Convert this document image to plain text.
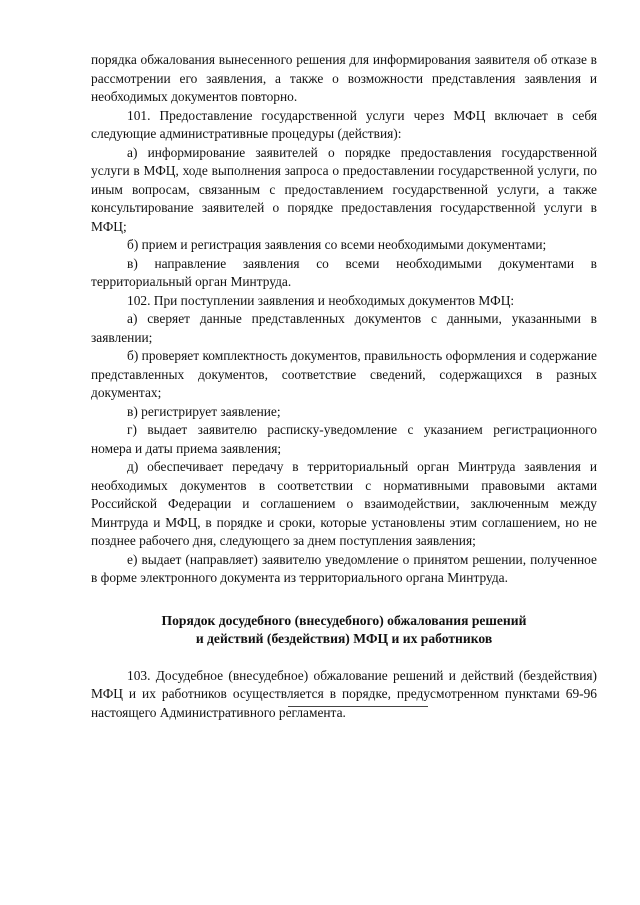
порядка обжалования вынесенного решения для информирования заявителя об отказе в рассмотрении его заявления, а также о возможности представления заявления и необходимых документов повторно.

101. Предоставление государственной услуги через МФЦ включает в себя следующие административные процедуры (действия):

а) информирование заявителей о порядке предоставления государственной услуги в МФЦ, ходе выполнения запроса о предоставлении государственной услуги, по иным вопросам, связанным с предоставлением государственной услуги, а также консультирование заявителей о порядке предоставления государственной услуги в МФЦ;

б) прием и регистрация заявления со всеми необходимыми документами;

в) направление заявления со всеми необходимыми документами в территориальный орган Минтруда.

102. При поступлении заявления и необходимых документов МФЦ:

а) сверяет данные представленных документов с данными, указанными в заявлении;

б) проверяет комплектность документов, правильность оформления и содержание представленных документов, соответствие сведений, содержащихся в разных документах;

в) регистрирует заявление;

г) выдает заявителю расписку-уведомление с указанием регистрационного номера и даты приема заявления;

д) обеспечивает передачу в территориальный орган Минтруда заявления и необходимых документов в соответствии с нормативными правовыми актами Российской Федерации и соглашением о взаимодействии, заключенным между Минтруда и МФЦ, в порядке и сроки, которые установлены этим соглашением, но не позднее рабочего дня, следующего за днем поступления заявления;

е) выдает (направляет) заявителю уведомление о принятом решении, полученное в форме электронного документа из территориального органа Минтруда.

Порядок досудебного (внесудебного) обжалования решений
и действий (бездействия) МФЦ и их работников

103. Досудебное (внесудебное) обжалование решений и действий (бездействия) МФЦ и их работников осуществляется в порядке, предусмотренном пунктами 69-96 настоящего Административного регламента.
